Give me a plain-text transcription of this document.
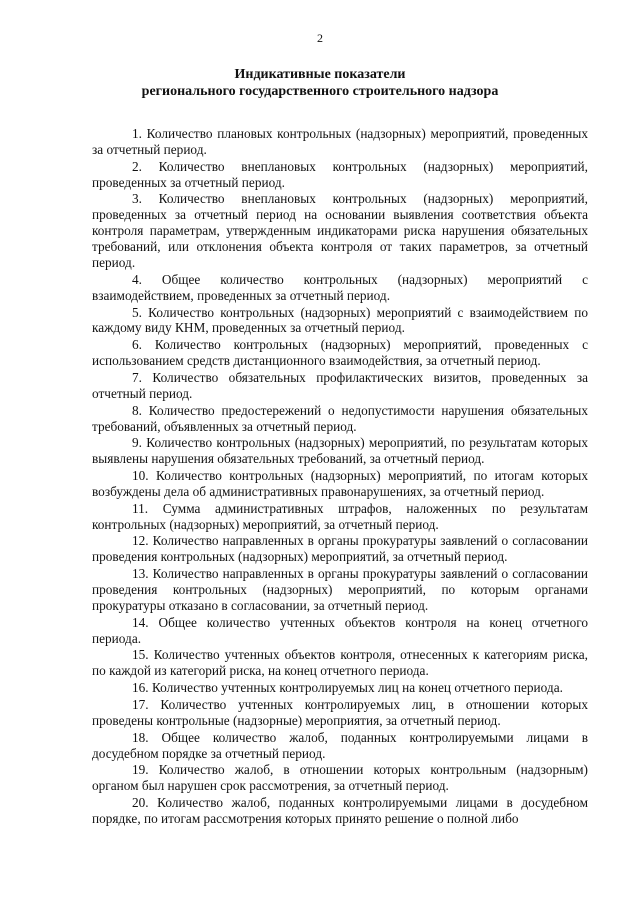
2
Индикативные показатели
регионального государственного строительного надзора

1. Количество плановых контрольных (надзорных) мероприятий, проведенных за отчетный период.

2. Количество внеплановых контрольных (надзорных) мероприятий, проведенных за отчетный период.

3. Количество внеплановых контрольных (надзорных) мероприятий, проведенных за отчетный период на основании выявления соответствия объекта контроля параметрам, утвержденным индикаторами риска нарушения обязательных требований, или отклонения объекта контроля от таких параметров, за отчетный период.

4. Общее количество контрольных (надзорных) мероприятий с взаимодействием, проведенных за отчетный период.

5. Количество контрольных (надзорных) мероприятий с взаимодействием по каждому виду КНМ, проведенных за отчетный период.

6. Количество контрольных (надзорных) мероприятий, проведенных с использованием средств дистанционного взаимодействия, за отчетный период.

7. Количество обязательных профилактических визитов, проведенных за отчетный период.

8. Количество предостережений о недопустимости нарушения обязательных требований, объявленных за отчетный период.

9. Количество контрольных (надзорных) мероприятий, по результатам которых выявлены нарушения обязательных требований, за отчетный период.

10. Количество контрольных (надзорных) мероприятий, по итогам которых возбуждены дела об административных правонарушениях, за отчетный период.

11. Сумма административных штрафов, наложенных по результатам контрольных (надзорных) мероприятий, за отчетный период.

12. Количество направленных в органы прокуратуры заявлений о согласовании проведения контрольных (надзорных) мероприятий, за отчетный период.

13. Количество направленных в органы прокуратуры заявлений о согласовании проведения контрольных (надзорных) мероприятий, по которым органами прокуратуры отказано в согласовании, за отчетный период.

14. Общее количество учтенных объектов контроля на конец отчетного периода.

15. Количество учтенных объектов контроля, отнесенных к категориям риска, по каждой из категорий риска, на конец отчетного периода.

16. Количество учтенных контролируемых лиц на конец отчетного периода.

17. Количество учтенных контролируемых лиц, в отношении которых проведены контрольные (надзорные) мероприятия, за отчетный период.

18. Общее количество жалоб, поданных контролируемыми лицами в досудебном порядке за отчетный период.

19. Количество жалоб, в отношении которых контрольным (надзорным) органом был нарушен срок рассмотрения, за отчетный период.

20. Количество жалоб, поданных контролируемыми лицами в досудебном порядке, по итогам рассмотрения которых принято решение о полной либо
